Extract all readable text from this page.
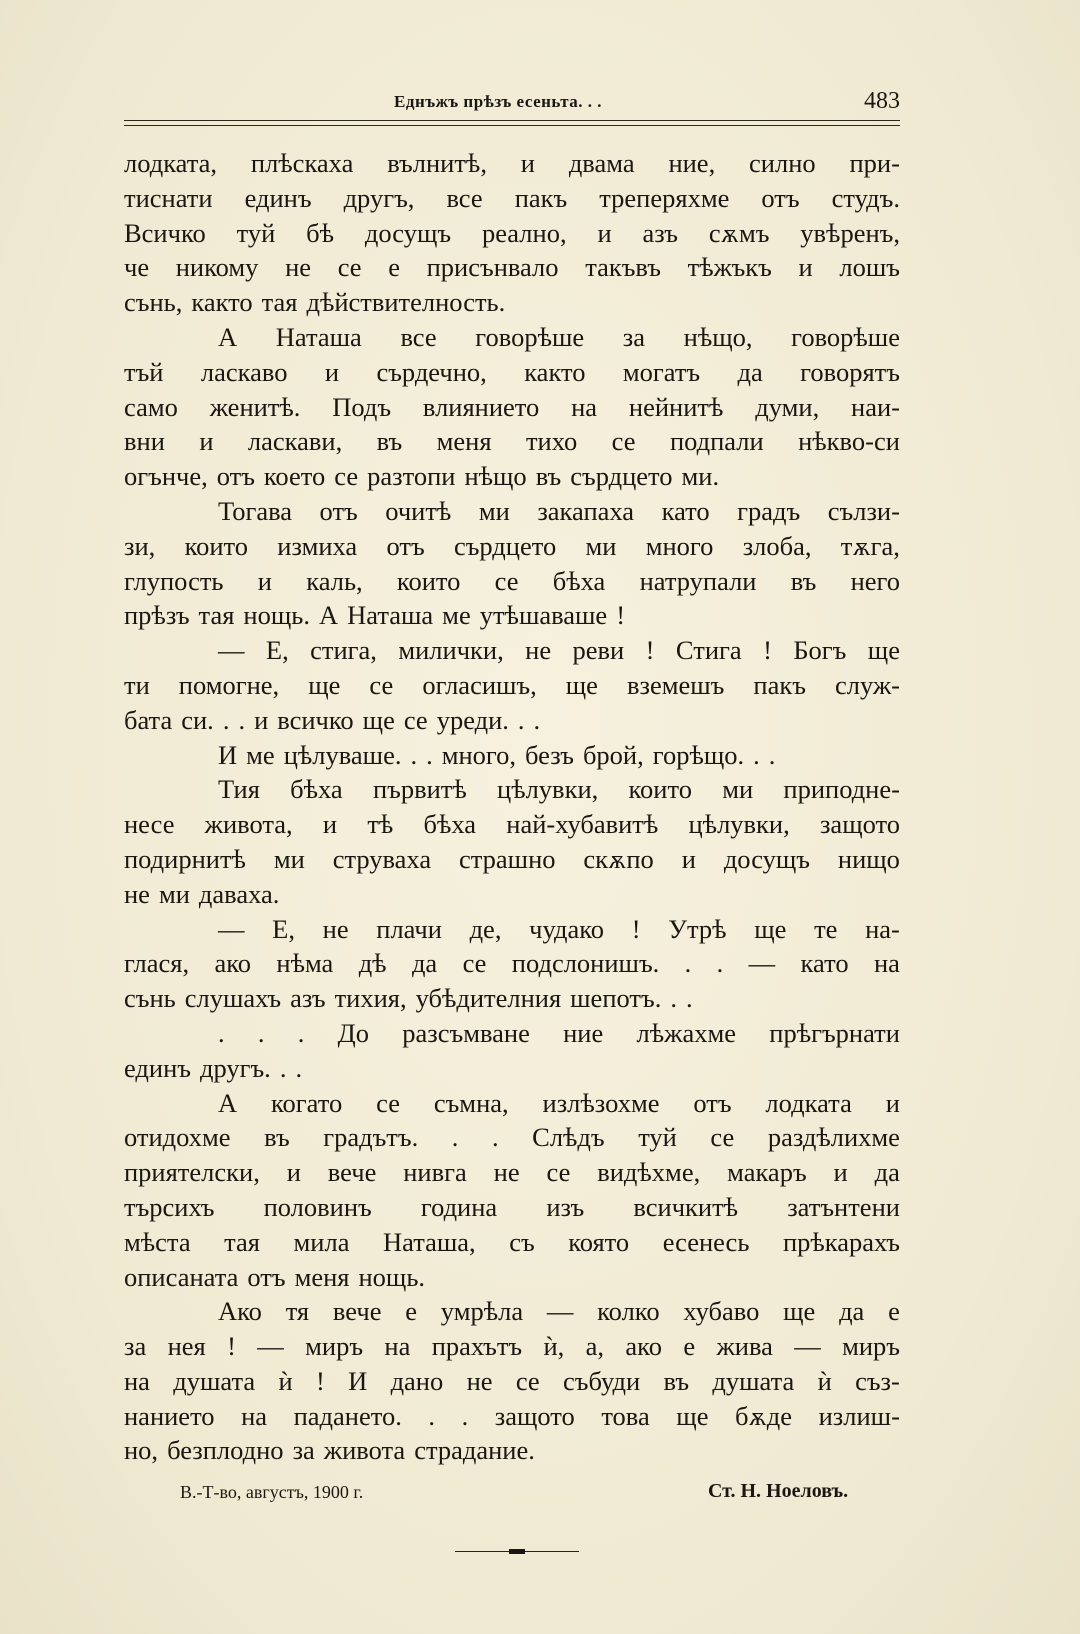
Еднъжъ прѣзъ есеньта. . .	483
лодката, плѣскаха вълнитѣ, и двама ние, силно при-
тиснати единъ другъ, все пакъ треперяхме отъ студъ.
Всичко туй бѣ досущъ реално, и азъ сѫмъ увѣренъ,
че никому не се е присънвало такъвъ тѣжъкъ и лошъ
сънь, както тая дѣйствителность.
А Наташа все говорѣше за нѣщо, говорѣше
тъй ласкаво и сърдечно, както могатъ да говорятъ
само женитѣ. Подъ влиянието на нейнитѣ думи, наи-
вни и ласкави, въ меня тихо се подпали нѣкво-си
огънче, отъ което се разтопи нѣщо въ сърдцето ми.
Тогава отъ очитѣ ми закапаха като градъ сълзи-
зи, които измиха отъ сърдцето ми много злоба, тѫга,
глупость и каль, които се бѣха натрупали въ него
прѣзъ тая нощь. А Наташа ме утѣшаваше !
— Е, стига, милички, не реви ! Стига ! Богъ ще
ти помогне, ще се огласишъ, ще вземешъ пакъ служ-
бата си. . . и всичко ще се уреди. . .
И ме цѣлуваше. . . много, безъ брой, горѣщо. . .
Тия бѣха първитѣ цѣлувки, които ми приподне-
несе живота, и тѣ бѣха най-хубавитѣ цѣлувки, защото
подирнитѣ ми струваха страшно скѫпо и досущъ нищо
не ми даваха.
— Е, не плачи де, чудако ! Утрѣ ще те на-
глася, ако нѣма дѣ да се подслонишъ. . . — като на
сънь слушахъ азъ тихия, убѣдителния шепотъ. . .
. . . До разсъмване ние лѣжахме прѣгърнати
единъ другъ. . .
А когато се съмна, излѣзохме отъ лодката и
отидохме въ градътъ. . . Слѣдъ туй се раздѣлихме
приятелски, и вече нивга не се видѣхме, макаръ и да
търсихъ половинъ година изъ всичкитѣ затънтени
мѣста тая мила Наташа, съ която есенесь прѣкарахъ
описаната отъ меня нощь.
Ако тя вече е умрѣла — колко хубаво ще да е
за нея ! — миръ на прахътъ ѝ, а, ако е жива — миръ
на душата ѝ ! И дано не се събуди въ душата ѝ съз-
нанието на падането. . . защото това ще бѫде излиш-
но, безплодно за живота страдание.
В.-Т-во, августъ, 1900 г.	Ст. Н. Ноеловъ.
